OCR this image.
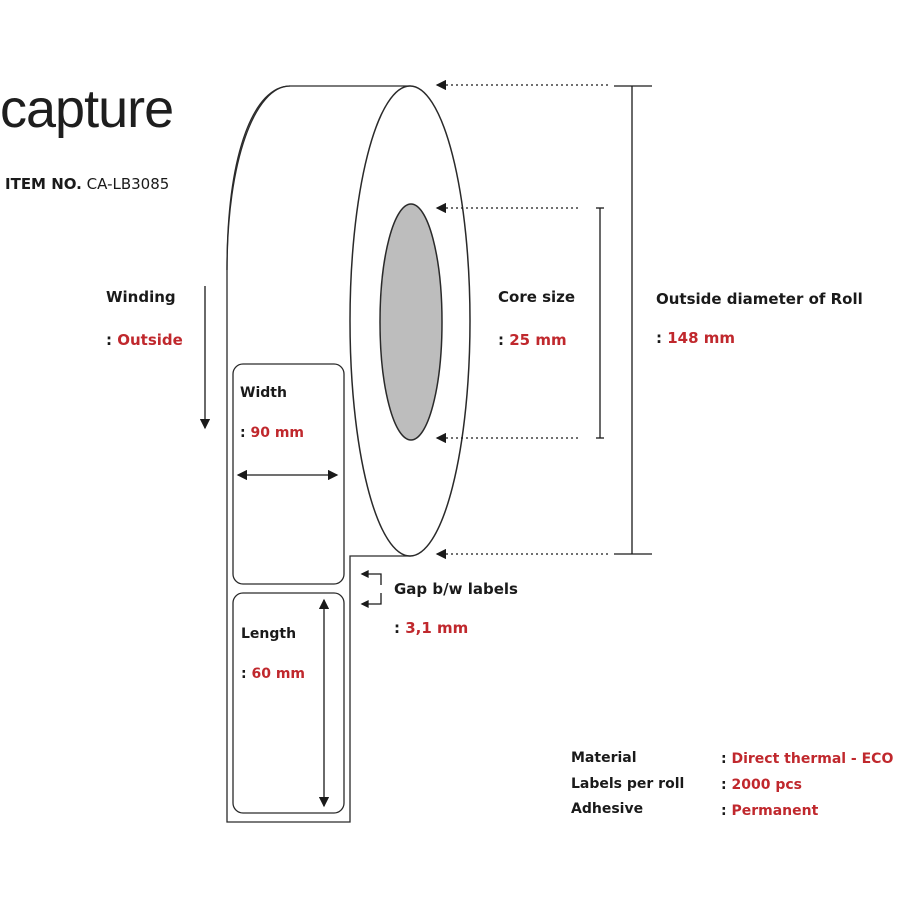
capture
ITEM NO. CA-LB3085
Winding
: Outside
Width
: 90 mm
Length
: 60 mm
Gap b/w labels
: 3,1 mm
Core size
: 25 mm
Outside diameter of Roll
: 148 mm
Material	: Direct thermal - ECO
Labels per roll	: 2000 pcs
Adhesive	: Permanent
